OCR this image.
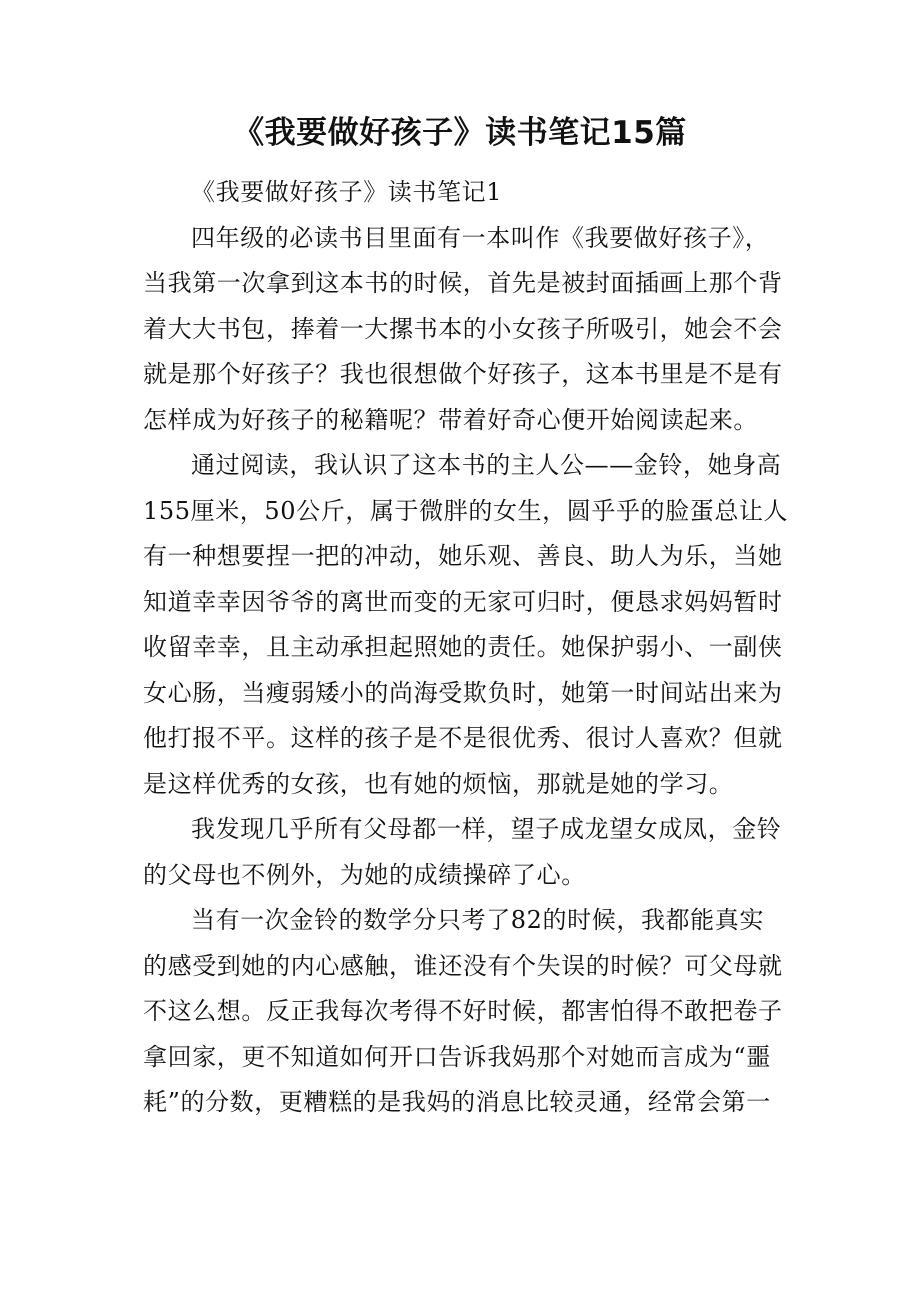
《我要做好孩子》读书笔记15篇
《我要做好孩子》读书笔记1
四年级的必读书目里面有一本叫作《我要做好孩子》，
当我第一次拿到这本书的时候，首先是被封面插画上那个背
着大大书包，捧着一大摞书本的小女孩子所吸引，她会不会
就是那个好孩子？我也很想做个好孩子，这本书里是不是有
怎样成为好孩子的秘籍呢？带着好奇心便开始阅读起来。
通过阅读，我认识了这本书的主人公——金铃，她身高
155厘米，50公斤，属于微胖的女生，圆乎乎的脸蛋总让人
有一种想要捏一把的冲动，她乐观、善良、助人为乐，当她
知道幸幸因爷爷的离世而变的无家可归时，便恳求妈妈暂时
收留幸幸，且主动承担起照她的责任。她保护弱小、一副侠
女心肠，当瘦弱矮小的尚海受欺负时，她第一时间站出来为
他打报不平。这样的孩子是不是很优秀、很讨人喜欢？但就
是这样优秀的女孩，也有她的烦恼，那就是她的学习。
我发现几乎所有父母都一样，望子成龙望女成凤，金铃
的父母也不例外，为她的成绩操碎了心。
当有一次金铃的数学分只考了82的时候，我都能真实
的感受到她的内心感触，谁还没有个失误的时候？可父母就
不这么想。反正我每次考得不好时候，都害怕得不敢把卷子
拿回家，更不知道如何开口告诉我妈那个对她而言成为“噩
耗”的分数，更糟糕的是我妈的消息比较灵通，经常会第一
